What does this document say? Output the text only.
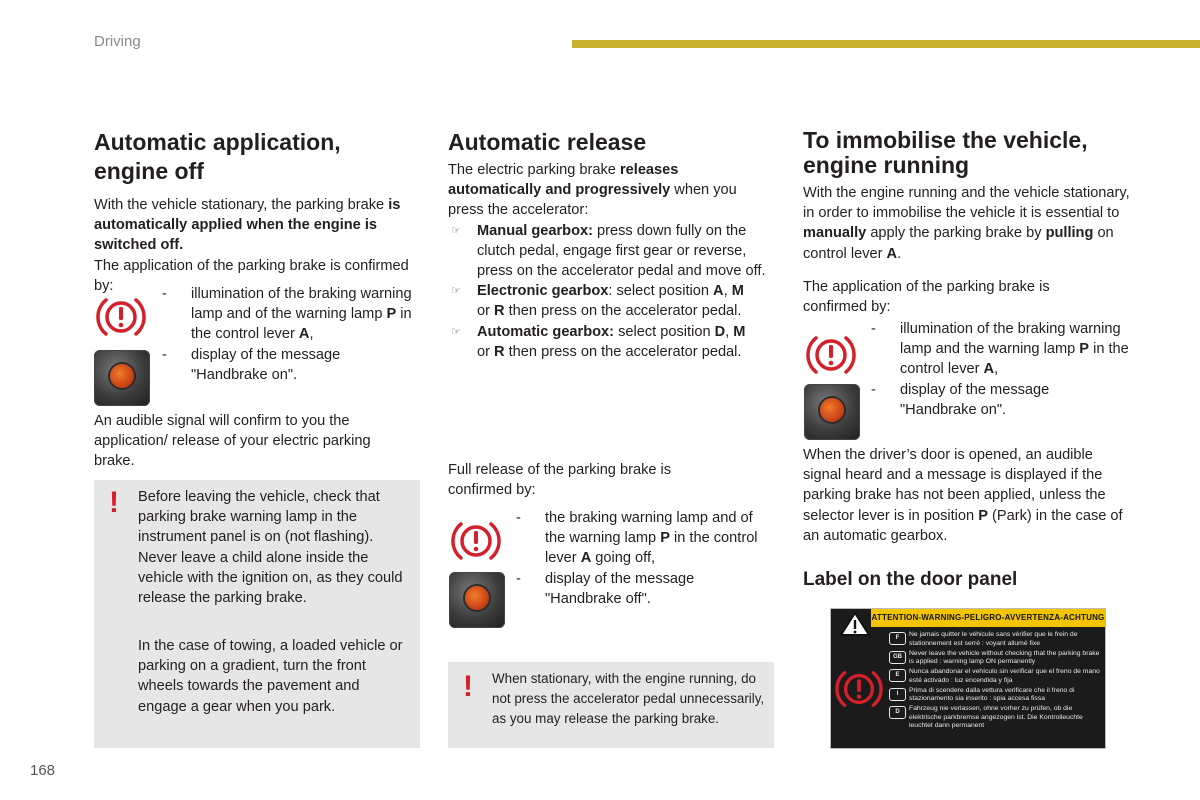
Driving
Automatic application,
engine off

With the vehicle stationary, the parking brake is automatically applied when the engine is switched off.

The application of the parking brake is confirmed by:

- illumination of the braking warning lamp and of the warning lamp P in the control lever A,
- display of the message "Handbrake on".
An audible signal will confirm to you the application/ release of your electric parking brake.
! Before leaving the vehicle, check that parking brake warning lamp in the instrument panel is on (not flashing). Never leave a child alone inside the vehicle with the ignition on, as they could release the parking brake.

In the case of towing, a loaded vehicle or parking on a gradient, turn the front wheels towards the pavement and engage a gear when you park.

Automatic release

The electric parking brake releases automatically and progressively when you press the accelerator:

☞ Manual gearbox: press down fully on the clutch pedal, engage first gear or reverse, press on the accelerator pedal and move off.
☞ Electronic gearbox: select position A, M
or R then press on the accelerator pedal.
☞ Automatic gearbox: select position D, M
or R then press on the accelerator pedal.
Full release of the parking brake is confirmed by:
- the braking warning lamp and of the warning lamp P in the control lever A going off,
- display of the message "Handbrake off".
! When stationary, with the engine running, do not press the accelerator pedal unnecessarily, as you may release the parking brake.

To immobilise the vehicle,
engine running

With the engine running and the vehicle stationary, in order to immobilise the vehicle it is essential to manually apply the parking brake by pulling on control lever A.

The application of the parking brake is confirmed by:

- illumination of the braking warning lamp and the warning lamp P in the control lever A,
- display of the message "Handbrake on".
When the driver’s door is opened, an audible signal heard and a message is displayed if the parking brake has not been applied, unless the selector lever is in position P (Park) in the case of an automatic gearbox.
Label on the door panel
ATTENTION-WARNING-PELIGRO-AVVERTENZA-ACHTUNG
F	Ne jamais quitter le véhicule sans vérifier que le frein de stationnement est serré : voyant allumé fixe
GB	Never leave the vehicle without checking that the parking brake is applied : warning lamp ON permanently
E	Nunca abandonar el vehículo sin verificar que el freno de mano esté activado : luz encendida y fija
I	Prima di scendere dalla vettura verificare che il freno di stazionamento sia inserito : spia accesa fissa
D	Fahrzeug nie verlassen, ohne vorher zu prüfen, ob die elektrische parkbremse angezogen ist. Die Kontrolleuchte leuchtet dann permanent
168
